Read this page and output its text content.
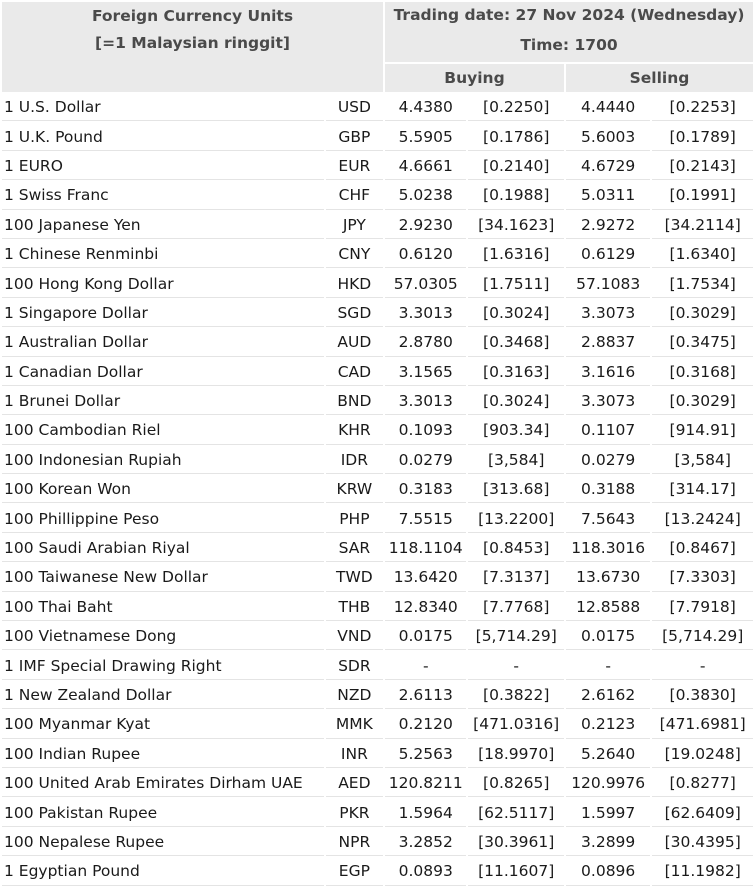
Foreign Currency Units
[=1 Malaysian ringgit]		Trading date: 27 Nov 2024 (Wednesday)
Time: 1700			

		Buying		Selling	
1 U.S. Dollar	USD	4.4380	[0.2250]	4.4440	[0.2253]
1 U.K. Pound	GBP	5.5905	[0.1786]	5.6003	[0.1789]
1 EURO	EUR	4.6661	[0.2140]	4.6729	[0.2143]
1 Swiss Franc	CHF	5.0238	[0.1988]	5.0311	[0.1991]
100 Japanese Yen	JPY	2.9230	[34.1623]	2.9272	[34.2114]
1 Chinese Renminbi	CNY	0.6120	[1.6316]	0.6129	[1.6340]
100 Hong Kong Dollar	HKD	57.0305	[1.7511]	57.1083	[1.7534]
1 Singapore Dollar	SGD	3.3013	[0.3024]	3.3073	[0.3029]
1 Australian Dollar	AUD	2.8780	[0.3468]	2.8837	[0.3475]
1 Canadian Dollar	CAD	3.1565	[0.3163]	3.1616	[0.3168]
1 Brunei Dollar	BND	3.3013	[0.3024]	3.3073	[0.3029]
100 Cambodian Riel	KHR	0.1093	[903.34]	0.1107	[914.91]
100 Indonesian Rupiah	IDR	0.0279	[3,584]	0.0279	[3,584]
100 Korean Won	KRW	0.3183	[313.68]	0.3188	[314.17]
100 Phillippine Peso	PHP	7.5515	[13.2200]	7.5643	[13.2424]
100 Saudi Arabian Riyal	SAR	118.1104	[0.8453]	118.3016	[0.8467]
100 Taiwanese New Dollar	TWD	13.6420	[7.3137]	13.6730	[7.3303]
100 Thai Baht	THB	12.8340	[7.7768]	12.8588	[7.7918]
100 Vietnamese Dong	VND	0.0175	[5,714.29]	0.0175	[5,714.29]
1 IMF Special Drawing Right	SDR	-	-	-	-
1 New Zealand Dollar	NZD	2.6113	[0.3822]	2.6162	[0.3830]
100 Myanmar Kyat	MMK	0.2120	[471.0316]	0.2123	[471.6981]
100 Indian Rupee	INR	5.2563	[18.9970]	5.2640	[19.0248]
100 United Arab Emirates Dirham UAE	AED	120.8211	[0.8265]	120.9976	[0.8277]
100 Pakistan Rupee	PKR	1.5964	[62.5117]	1.5997	[62.6409]
100 Nepalese Rupee	NPR	3.2852	[30.3961]	3.2899	[30.4395]
1 Egyptian Pound	EGP	0.0893	[11.1607]	0.0896	[11.1982]
